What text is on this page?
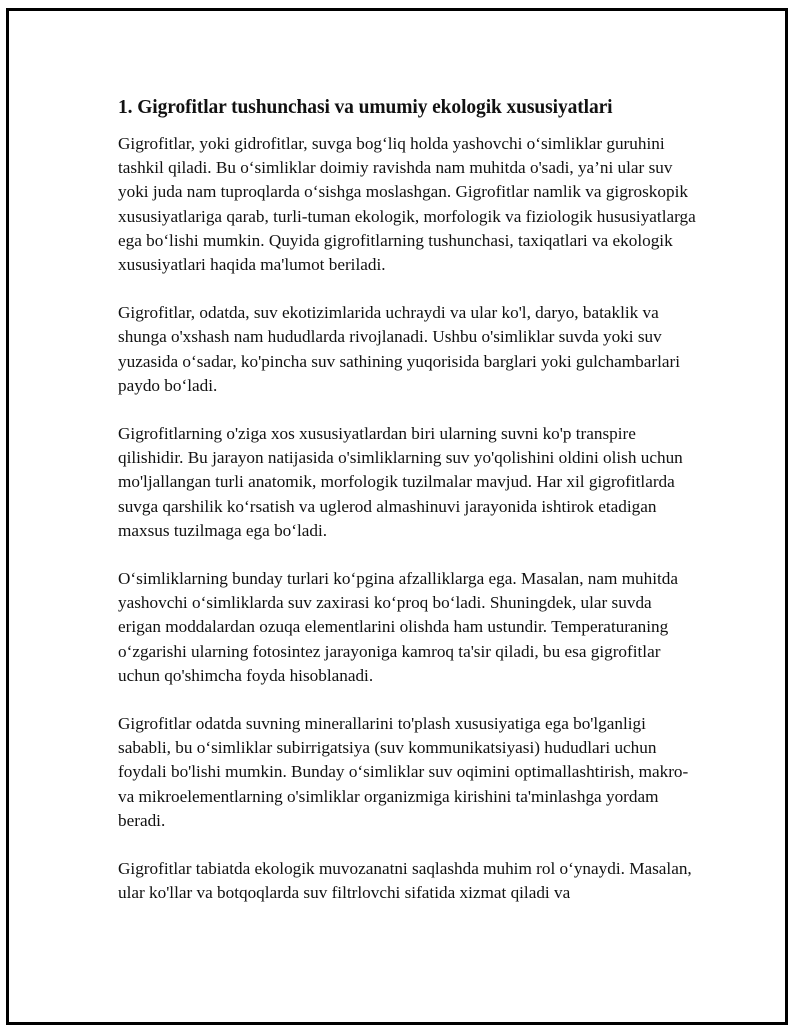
1. Gigrofitlar tushunchasi va umumiy ekologik xususiyatlari

Gigrofitlar, yoki gidrofitlar, suvga bog‘liq holda yashovchi o‘simliklar guruhini tashkil qiladi. Bu o‘simliklar doimiy ravishda nam muhitda o'sadi, ya’ni ular suv yoki juda nam tuproqlarda o‘sishga moslashgan. Gigrofitlar namlik va gigroskopik xususiyatlariga qarab, turli-tuman ekologik, morfologik va fiziologik hususiyatlarga ega bo‘lishi mumkin. Quyida gigrofitlarning tushunchasi, taxiqatlari va ekologik xususiyatlari haqida ma'lumot beriladi.

Gigrofitlar, odatda, suv ekotizimlarida uchraydi va ular ko'l, daryo, bataklik va shunga o'xshash nam hududlarda rivojlanadi. Ushbu o'simliklar suvda yoki suv yuzasida o‘sadar, ko'pincha suv sathining yuqorisida barglari yoki gulchambarlari paydo bo‘ladi.

Gigrofitlarning o'ziga xos xususiyatlardan biri ularning suvni ko'p transpire qilishidir. Bu jarayon natijasida o'simliklarning suv yo'qolishini oldini olish uchun mo'ljallangan turli anatomik, morfologik tuzilmalar mavjud. Har xil gigrofitlarda suvga qarshilik ko‘rsatish va uglerod almashinuvi jarayonida ishtirok etadigan maxsus tuzilmaga ega bo‘ladi.

O‘simliklarning bunday turlari ko‘pgina afzalliklarga ega. Masalan, nam muhitda yashovchi o‘simliklarda suv zaxirasi ko‘proq bo‘ladi. Shuningdek, ular suvda erigan moddalardan ozuqa elementlarini olishda ham ustundir. Temperaturaning o‘zgarishi ularning fotosintez jarayoniga kamroq ta'sir qiladi, bu esa gigrofitlar uchun qo'shimcha foyda hisoblanadi.

Gigrofitlar odatda suvning minerallarini to'plash xususiyatiga ega bo'lganligi sababli, bu o‘simliklar subirrigatsiya (suv kommunikatsiyasi) hududlari uchun foydali bo'lishi mumkin. Bunday o‘simliklar suv oqimini optimallashtirish, makro- va mikroelementlarning o'simliklar organizmiga kirishini ta'minlashga yordam beradi.

Gigrofitlar tabiatda ekologik muvozanatni saqlashda muhim rol o‘ynaydi. Masalan, ular ko'llar va botqoqlarda suv filtrlovchi sifatida xizmat qiladi va
